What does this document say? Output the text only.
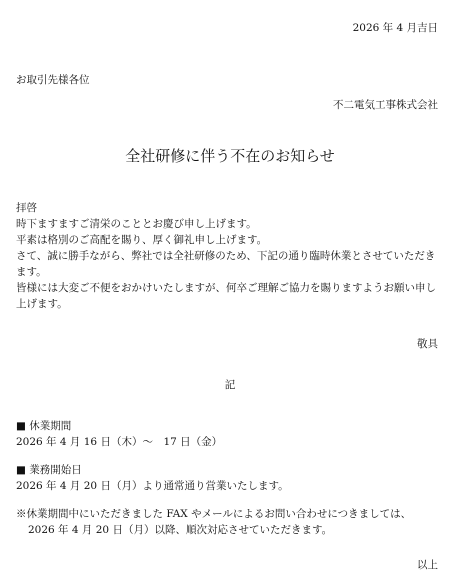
2026 年 4 月吉日
お取引先様各位
不二電気工事株式会社
全社研修に伴う不在のお知らせ

拝啓

時下ますますご清栄のこととお慶び申し上げます。

平素は格別のご高配を賜り、厚く御礼申し上げます。

さて、誠に勝手ながら、弊社では全社研修のため、下記の通り臨時休業とさせていただきます。

皆様には大変ご不便をおかけいたしますが、何卒ご理解ご協力を賜りますようお願い申し上げます。

敬具
記
■ 休業期間
2026 年 4 月 16 日（木）～　17 日（金）
■ 業務開始日
2026 年 4 月 20 日（月）より通常通り営業いたします。
※休業期間中にいただきました FAX やメールによるお問い合わせにつきましては、
2026 年 4 月 20 日（月）以降、順次対応させていただきます。
以上
